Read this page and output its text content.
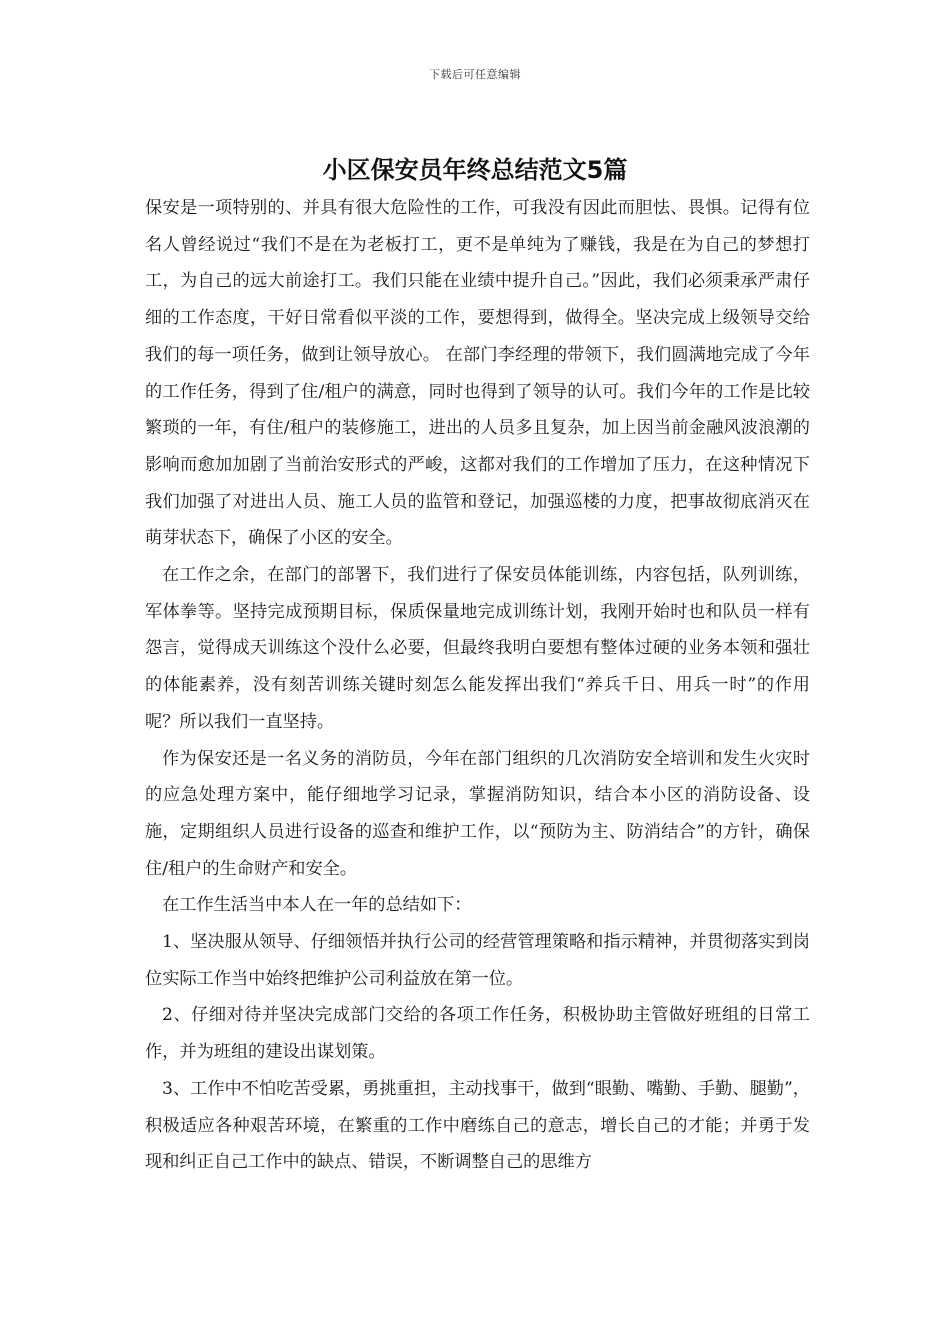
下载后可任意编辑
小区保安员年终总结范文5篇

保安是一项特别的、并具有很大危险性的工作，可我没有因此而胆怯、畏惧。记得有位名人曾经说过“我们不是在为老板打工，更不是单纯为了赚钱，我是在为自己的梦想打工，为自己的远大前途打工。我们只能在业绩中提升自己。”因此，我们必须秉承严肃仔细的工作态度，干好日常看似平淡的工作，要想得到，做得全。坚决完成上级领导交给我们的每一项任务，做到让领导放心。 在部门李经理的带领下，我们圆满地完成了今年的工作任务，得到了住/租户的满意，同时也得到了领导的认可。我们今年的工作是比较繁琐的一年，有住/租户的装修施工，进出的人员多且复杂，加上因当前金融风波浪潮的影响而愈加加剧了当前治安形式的严峻，这都对我们的工作增加了压力，在这种情况下我们加强了对进出人员、施工人员的监管和登记，加强巡楼的力度，把事故彻底消灭在萌芽状态下，确保了小区的安全。

在工作之余，在部门的部署下，我们进行了保安员体能训练，内容包括，队列训练，军体拳等。坚持完成预期目标，保质保量地完成训练计划，我刚开始时也和队员一样有怨言，觉得成天训练这个没什么必要，但最终我明白要想有整体过硬的业务本领和强壮的体能素养，没有刻苦训练关键时刻怎么能发挥出我们“养兵千日、用兵一时”的作用呢？所以我们一直坚持。

作为保安还是一名义务的消防员，今年在部门组织的几次消防安全培训和发生火灾时的应急处理方案中，能仔细地学习记录，掌握消防知识，结合本小区的消防设备、设施，定期组织人员进行设备的巡查和维护工作，以“预防为主、防消结合”的方针，确保住/租户的生命财产和安全。

在工作生活当中本人在一年的总结如下：

1、坚决服从领导、仔细领悟并执行公司的经营管理策略和指示精神，并贯彻落实到岗位实际工作当中始终把维护公司利益放在第一位。

2、仔细对待并坚决完成部门交给的各项工作任务，积极协助主管做好班组的日常工作，并为班组的建设出谋划策。

3、工作中不怕吃苦受累，勇挑重担，主动找事干，做到“眼勤、嘴勤、手勤、腿勤”，积极适应各种艰苦环境，在繁重的工作中磨练自己的意志，增长自己的才能；并勇于发现和纠正自己工作中的缺点、错误，不断调整自己的思维方
